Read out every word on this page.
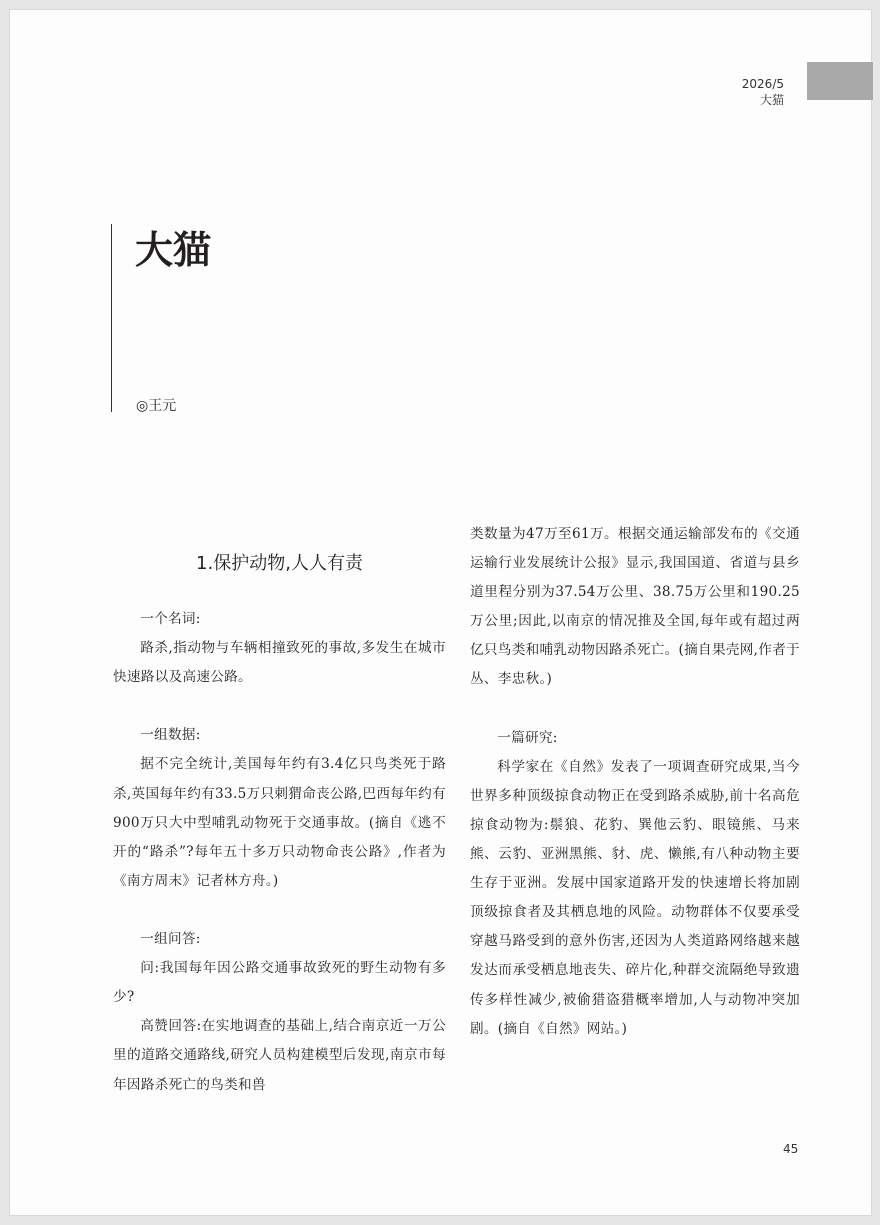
2026/5
大猫
大猫
◎王元
1.保护动物,人人有责

一个名词:

路杀,指动物与车辆相撞致死的事故,多发生在城市快速路以及高速公路。

一组数据:

据不完全统计,美国每年约有3.4亿只鸟类死于路杀,英国每年约有33.5万只刺猬命丧公路,巴西每年约有900万只大中型哺乳动物死于交通事故。(摘自《逃不开的“路杀”?每年五十多万只动物命丧公路》,作者为《南方周末》记者林方舟。)

一组问答:

问:我国每年因公路交通事故致死的野生动物有多少?

高赞回答:在实地调查的基础上,结合南京近一万公里的道路交通路线,研究人员构建模型后发现,南京市每年因路杀死亡的鸟类和兽

类数量为47万至61万。根据交通运输部发布的《交通运输行业发展统计公报》显示,我国国道、省道与县乡道里程分别为37.54万公里、38.75万公里和190.25万公里;因此,以南京的情况推及全国,每年或有超过两亿只鸟类和哺乳动物因路杀死亡。(摘自果壳网,作者于丛、李忠秋。)

一篇研究:

科学家在《自然》发表了一项调查研究成果,当今世界多种顶级掠食动物正在受到路杀威胁,前十名高危掠食动物为:鬃狼、花豹、巽他云豹、眼镜熊、马来熊、云豹、亚洲黑熊、豺、虎、懒熊,有八种动物主要生存于亚洲。发展中国家道路开发的快速增长将加剧顶级掠食者及其栖息地的风险。动物群体不仅要承受穿越马路受到的意外伤害,还因为人类道路网络越来越发达而承受栖息地丧失、碎片化,种群交流隔绝导致遗传多样性减少,被偷猎盗猎概率增加,人与动物冲突加剧。(摘自《自然》网站。)

45
